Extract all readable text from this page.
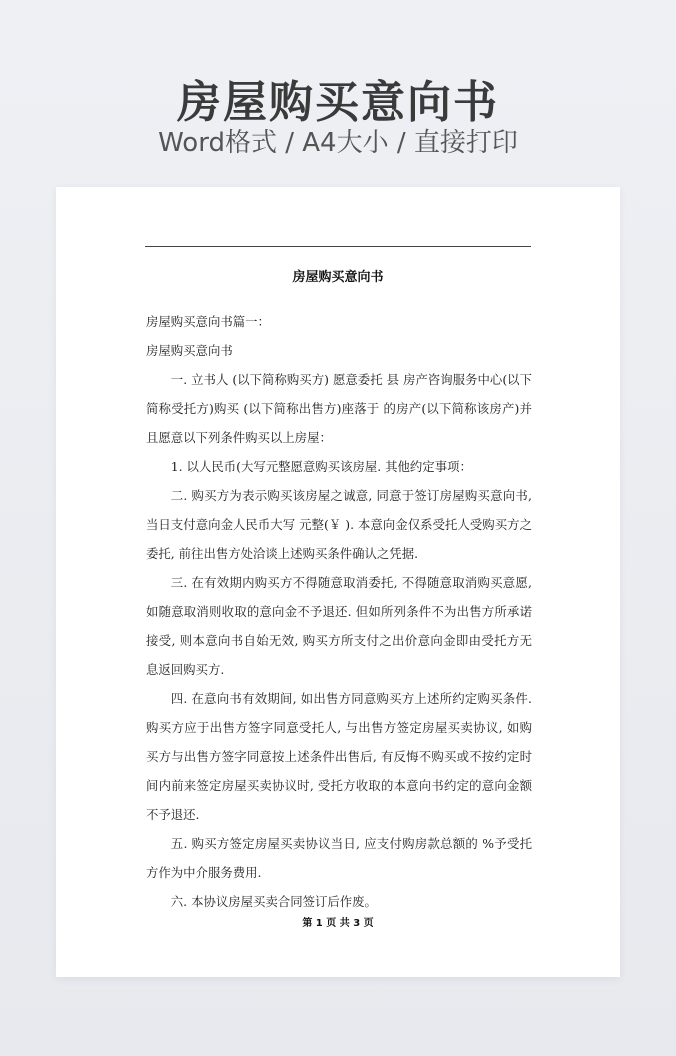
房屋购买意向书
Word格式 / A4大小 / 直接打印
房屋购买意向书

房屋购买意向书篇一：

房屋购买意向书

一. 立书人 (以下简称购买方) 愿意委托 县 房产咨询服务中心(以下简称受托方)购买 (以下简称出售方)座落于 的房产(以下简称该房产)并且愿意以下列条件购买以上房屋：

1. 以人民币(大写元整愿意购买该房屋. 其他约定事项：

二. 购买方为表示购买该房屋之诚意, 同意于签订房屋购买意向书, 当日支付意向金人民币大写 元整(￥ ). 本意向金仅系受托人受购买方之委托, 前往出售方处洽谈上述购买条件确认之凭据.

三. 在有效期内购买方不得随意取消委托, 不得随意取消购买意愿, 如随意取消则收取的意向金不予退还. 但如所列条件不为出售方所承诺接受, 则本意向书自始无效, 购买方所支付之出价意向金即由受托方无息返回购买方.

四. 在意向书有效期间, 如出售方同意购买方上述所约定购买条件. 购买方应于出售方签字同意受托人, 与出售方签定房屋买卖协议, 如购买方与出售方签字同意按上述条件出售后, 有反悔不购买或不按约定时间内前来签定房屋买卖协议时, 受托方收取的本意向书约定的意向金额不予退还.

五. 购买方签定房屋买卖协议当日, 应支付购房款总额的 %予受托方作为中介服务费用.

六. 本协议房屋买卖合同签订后作废。

第 1 页 共 3 页
